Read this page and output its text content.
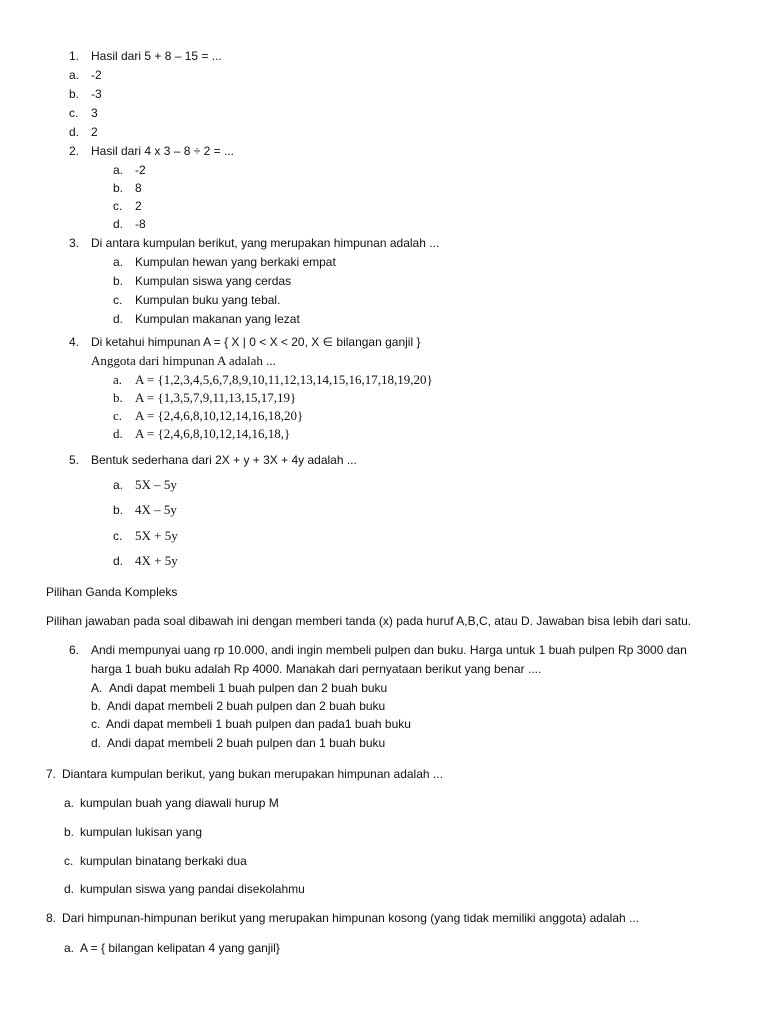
1. Hasil dari 5 + 8 – 15 = ...
a. -2
b. -3
c. 3
d. 2
2. Hasil dari 4 x 3 – 8 ÷ 2 = ...
a. -2
b. 8
c. 2
d. -8
3. Di antara kumpulan berikut, yang merupakan himpunan adalah ...
a. Kumpulan hewan yang berkaki empat
b. Kumpulan siswa yang cerdas
c. Kumpulan buku yang tebal.
d. Kumpulan makanan yang lezat
4. Di ketahui himpunan A = { X | 0 < X < 20, X ∈ bilangan ganjil }
Anggota dari himpunan A adalah ...
a. A = {1,2,3,4,5,6,7,8,9,10,11,12,13,14,15,16,17,18,19,20}
b. A = {1,3,5,7,9,11,13,15,17,19}
c. A = {2,4,6,8,10,12,14,16,18,20}
d. A = {2,4,6,8,10,12,14,16,18,}
5. Bentuk sederhana dari 2X + y + 3X + 4y adalah ...
a. 5X – 5y
b. 4X – 5y
c. 5X + 5y
d. 4X + 5y
Pilihan Ganda Kompleks
Pilihan jawaban pada soal dibawah ini dengan memberi tanda (x) pada huruf A,B,C, atau D. Jawaban bisa lebih dari satu.
6. Andi mempunyai uang rp 10.000, andi ingin membeli pulpen dan buku. Harga untuk 1 buah pulpen Rp 3000 dan
harga 1 buah buku adalah Rp 4000. Manakah dari pernyataan berikut yang benar ....
A. Andi dapat membeli 1 buah pulpen dan 2 buah buku
b. Andi dapat membeli 2 buah pulpen dan 2 buah buku
c. Andi dapat membeli 1 buah pulpen dan pada1 buah buku
d. Andi dapat membeli 2 buah pulpen dan 1 buah buku
7. Diantara kumpulan berikut, yang bukan merupakan himpunan adalah ...
a. kumpulan buah yang diawali hurup M
b. kumpulan lukisan yang
c. kumpulan binatang berkaki dua
d. kumpulan siswa yang pandai disekolahmu
8. Dari himpunan-himpunan berikut yang merupakan himpunan kosong (yang tidak memiliki anggota) adalah ...
a. A = { bilangan kelipatan 4 yang ganjil}
